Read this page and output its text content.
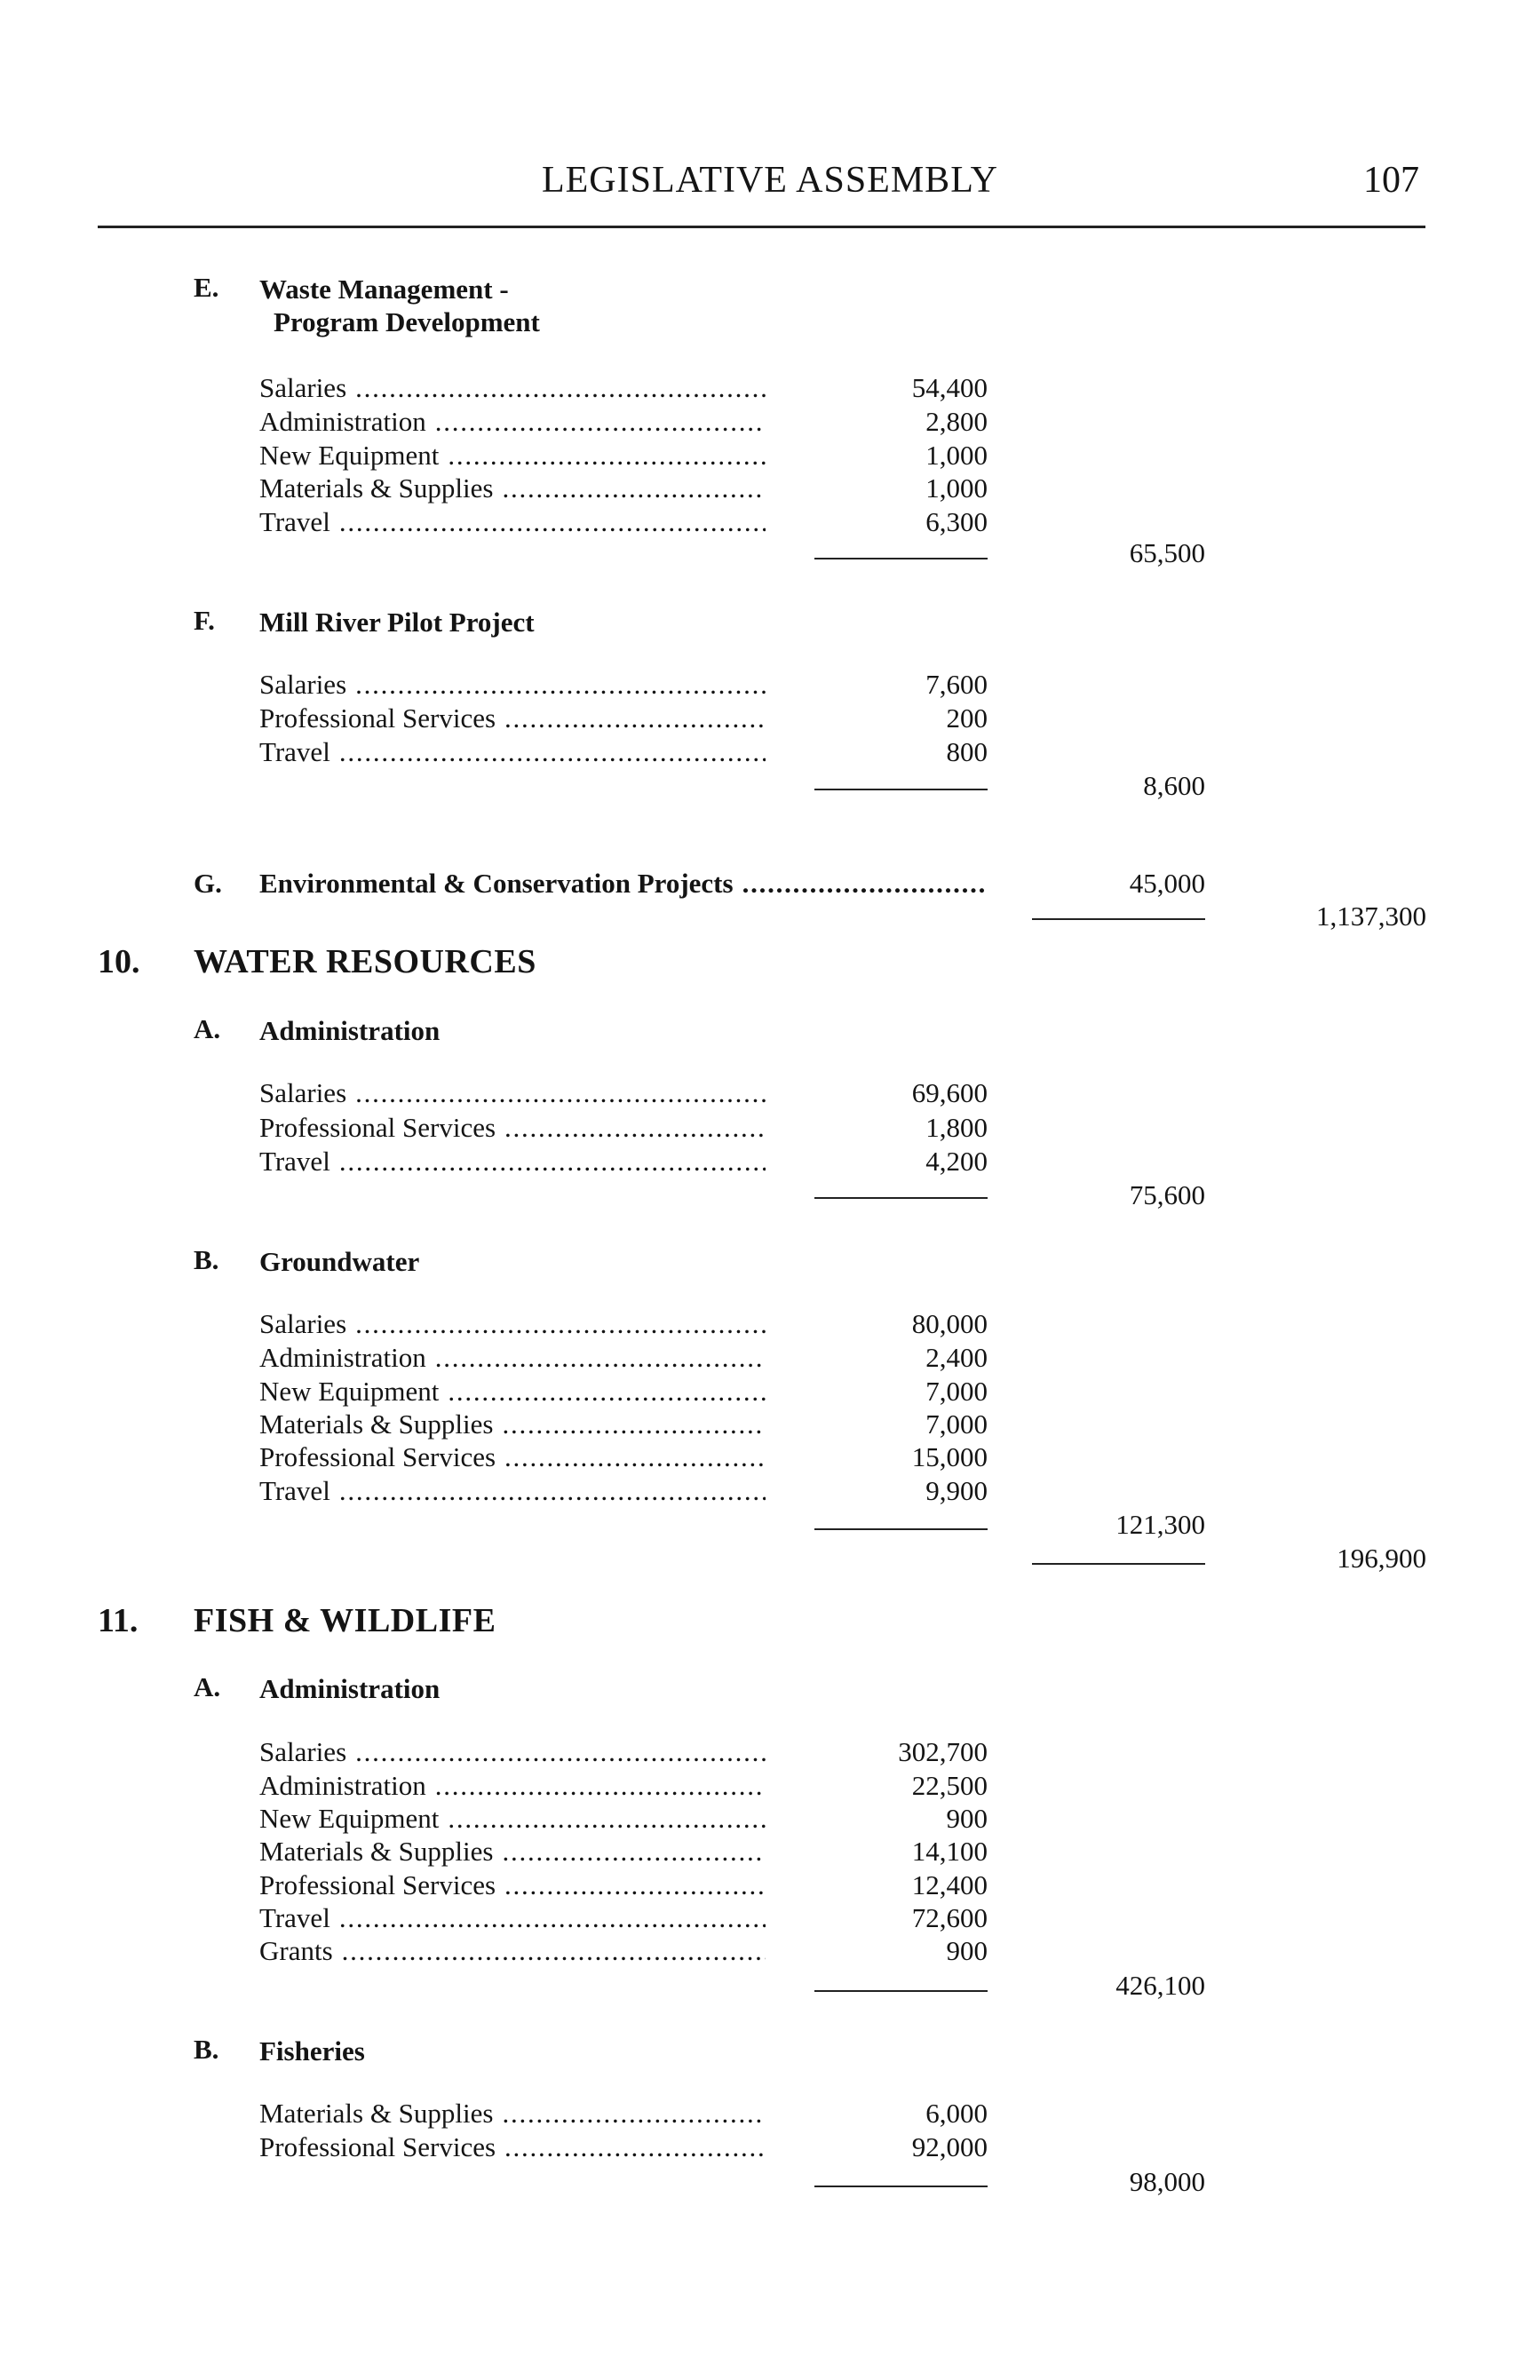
LEGISLATIVE ASSEMBLY	107
E. Waste Management -
Program Development
Salaries . . .	54,400
Administration . . .	2,800
New Equipment . . .	1,000
Materials & Supplies . . .	1,000
Travel . . .	6,300
65,500
F. Mill River Pilot Project
Salaries . . .	7,600
Professional Services . . .	200
Travel . . .	800
8,600
G. Environmental & Conservation Projects . . .	45,000
1,137,300
10. WATER RESOURCES
A. Administration
Salaries . . .	69,600
Professional Services . . .	1,800
Travel . . .	4,200
75,600
B. Groundwater
Salaries . . .	80,000
Administration . . .	2,400
New Equipment . . .	7,000
Materials & Supplies . . .	7,000
Professional Services . . .	15,000
Travel . . .	9,900
121,300
196,900
11. FISH & WILDLIFE
A. Administration
Salaries . . .	302,700
Administration . . .	22,500
New Equipment . . .	900
Materials & Supplies . . .	14,100
Professional Services . . .	12,400
Travel . . .	72,600
Grants . . .	900
426,100
B. Fisheries
Materials & Supplies . . .	6,000
Professional Services . . .	92,000
98,000
